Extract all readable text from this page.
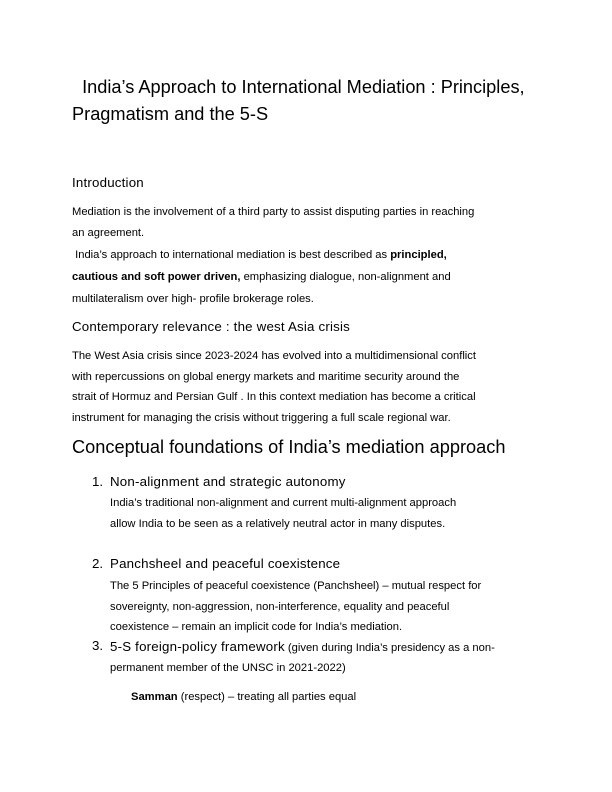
India’s Approach to International Mediation : Principles,
Pragmatism and the 5-S
Introduction
Mediation is the involvement of a third party to assist disputing parties in reaching
an agreement.
India’s approach to international mediation is best described as principled,
cautious and soft power driven, emphasizing dialogue, non-alignment and
multilateralism over high- profile brokerage roles.
Contemporary relevance : the west Asia crisis
The West Asia crisis since 2023-2024 has evolved into a multidimensional conflict
with repercussions on global energy markets and maritime security around the
strait of Hormuz and Persian Gulf . In this context mediation has become a critical
instrument for managing the crisis without triggering a full scale regional war.
Conceptual foundations of India’s mediation approach
1. Non-alignment and strategic autonomy
India’s traditional non-alignment and current multi-alignment approach
allow India to be seen as a relatively neutral actor in many disputes.
2. Panchsheel and peaceful coexistence
The 5 Principles of peaceful coexistence (Panchsheel) – mutual respect for
sovereignty, non-aggression, non-interference, equality and peaceful
coexistence – remain an implicit code for India’s mediation.
3. 5-S foreign-policy framework (given during India’s presidency as a non-
permanent member of the UNSC in 2021-2022)
Samman (respect) – treating all parties equal
